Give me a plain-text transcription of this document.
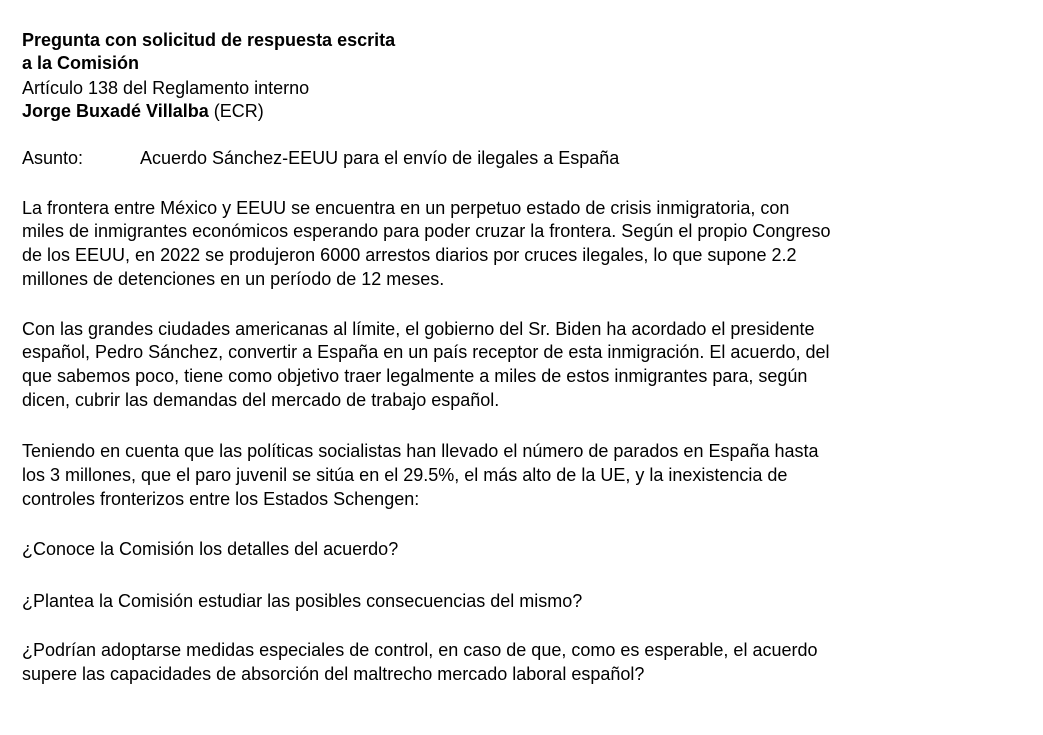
Pregunta con solicitud de respuesta escrita

a la Comisión

Artículo 138 del Reglamento interno

Jorge Buxadé Villalba (ECR)

Asunto:	Acuerdo Sánchez-EEUU para el envío de ilegales a España

La frontera entre México y EEUU se encuentra en un perpetuo estado de crisis inmigratoria, con

miles de inmigrantes económicos esperando para poder cruzar la frontera. Según el propio Congreso

de los EEUU, en 2022 se produjeron 6000 arrestos diarios por cruces ilegales, lo que supone 2.2

millones de detenciones en un período de 12 meses.

Con las grandes ciudades americanas al límite, el gobierno del Sr. Biden ha acordado el presidente

español, Pedro Sánchez, convertir a España en un país receptor de esta inmigración. El acuerdo, del

que sabemos poco, tiene como objetivo traer legalmente a miles de estos inmigrantes para, según

dicen, cubrir las demandas del mercado de trabajo español.

Teniendo en cuenta que las políticas socialistas han llevado el número de parados en España hasta

los 3 millones, que el paro juvenil se sitúa en el 29.5%, el más alto de la UE, y la inexistencia de

controles fronterizos entre los Estados Schengen:

¿Conoce la Comisión los detalles del acuerdo?

¿Plantea la Comisión estudiar las posibles consecuencias del mismo?

¿Podrían adoptarse medidas especiales de control, en caso de que, como es esperable, el acuerdo

supere las capacidades de absorción del maltrecho mercado laboral español?
